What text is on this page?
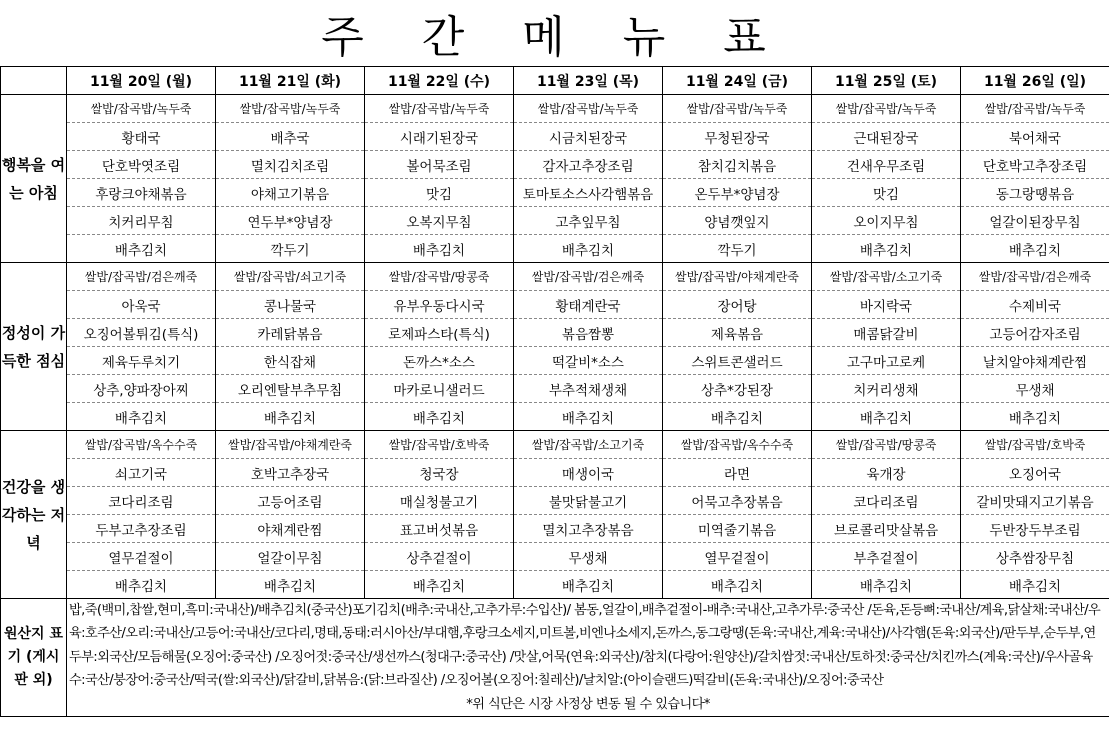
주 간 메 뉴 표
	11월 20일 (월)	11월 21일 (화)	11월 22일 (수)	11월 23일 (목)	11월 24일 (금)	11월 25일 (토)	11월 26일 (일)
행복을 여는 아침	쌀밥/잡곡밥/녹두죽	쌀밥/잡곡밥/녹두죽	쌀밥/잡곡밥/녹두죽	쌀밥/잡곡밥/녹두죽	쌀밥/잡곡밥/녹두죽	쌀밥/잡곡밥/녹두죽	쌀밥/잡곡밥/녹두죽
	황태국	배추국	시래기된장국	시금치된장국	무청된장국	근대된장국	북어채국
	단호박엿조림	멸치김치조림	볼어묵조림	감자고추장조림	참치김치볶음	건새우무조림	단호박고추장조림
	후랑크야채볶음	야채고기볶음	맛김	토마토소스사각햄볶음	온두부*양념장	맛김	동그랑땡볶음
	치커리무침	연두부*양념장	오복지무침	고추잎무침	양념깻잎지	오이지무침	얼갈이된장무침
	배추김치	깍두기	배추김치	배추김치	깍두기	배추김치	배추김치
정성이 가득한 점심	쌀밥/잡곡밥/검은깨죽	쌀밥/잡곡밥/쇠고기죽	쌀밥/잡곡밥/땅콩죽	쌀밥/잡곡밥/검은깨죽	쌀밥/잡곡밥/야채계란죽	쌀밥/잡곡밥/소고기죽	쌀밥/잡곡밥/검은깨죽
	아욱국	콩나물국	유부우동다시국	황태계란국	장어탕	바지락국	수제비국
	오징어볼튀김(특식)	카레닭볶음	로제파스타(특식)	볶음짬뽕	제육볶음	매콤닭갈비	고등어감자조림
	제육두루치기	한식잡채	돈까스*소스	떡갈비*소스	스위트콘샐러드	고구마고로케	날치알야채계란찜
	상추,양파장아찌	오리엔탈부추무침	마카로니샐러드	부추적채생채	상추*강된장	치커리생채	무생채
	배추김치	배추김치	배추김치	배추김치	배추김치	배추김치	배추김치
건강을 생각하는 저녁	쌀밥/잡곡밥/옥수수죽	쌀밥/잡곡밥/야채계란죽	쌀밥/잡곡밥/호박죽	쌀밥/잡곡밥/소고기죽	쌀밥/잡곡밥/옥수수죽	쌀밥/잡곡밥/땅콩죽	쌀밥/잡곡밥/호박죽
	쇠고기국	호박고추장국	청국장	매생이국	라면	육개장	오징어국
	코다리조림	고등어조림	매실청불고기	불맛닭불고기	어묵고추장볶음	코다리조림	갈비맛돼지고기볶음
	두부고추장조림	야채계란찜	표고버섯볶음	멸치고추장볶음	미역줄기볶음	브로콜리맛살볶음	두반장두부조림
	열무겉절이	얼갈이무침	상추겉절이	무생채	열무겉절이	부추겉절이	상추쌈장무침
	배추김치	배추김치	배추김치	배추김치	배추김치	배추김치	배추김치
원산지 표기 (게시판 외)	밥,죽(백미,찹쌀,현미,흑미:국내산)/배추김치(중국산)포기김치(배추:국내산,고추가루:수입산)/ 봄동,얼갈이,배추겉절이-배추:국내산,고추가루:중국산 /돈육,돈등뼈:국내산/계육,닭살채:국내산/우육:호주산/오리:국내산/고등어:국내산/코다리,명태,동태:러시아산/부대햄,후랑크소세지,미트볼,비엔나소세지,돈까스,동그랑땡(돈육:국내산,계육:국내산)/사각햄(돈육:외국산)/판두부,순두부,연두부:외국산/모듬해물(오징어:중국산) /오징어젓:중국산/생선까스(청대구:중국산) /맛살,어묵(연육:외국산)/참치(다랑어:원양산)/갈치쌈젓:국내산/토하젓:중국산/치킨까스(계육:국산)/우사골육수:국산/붕장어:중국산/떡국(쌀:외국산)/닭갈비,닭볶음:(닭:브라질산) /오징어볼(오징어:칠레산)/날치알:(아이슬랜드)떡갈비(돈육:국내산)/오징어:중국산
*위 식단은 시장 사정상 변동 될 수 있습니다*						
